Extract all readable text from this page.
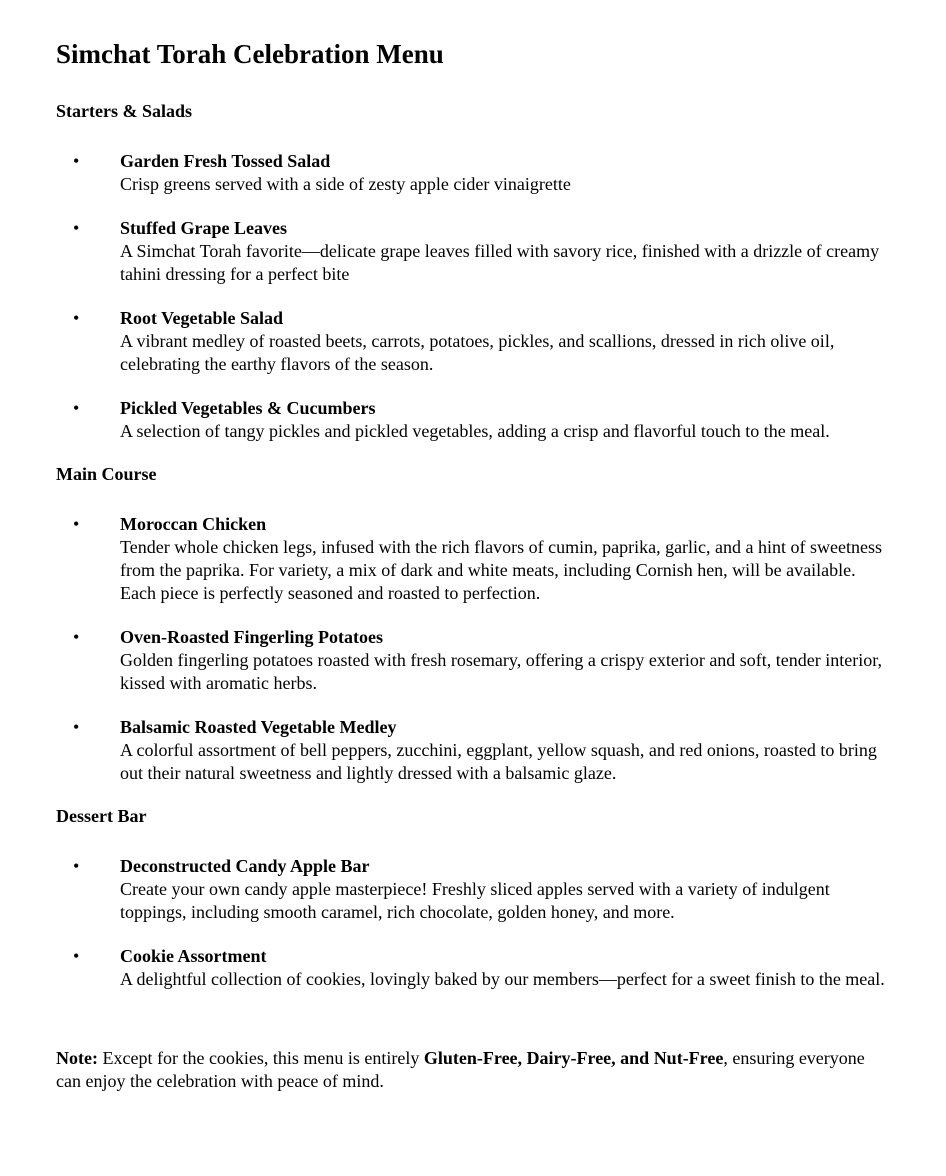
Simchat Torah Celebration Menu
Starters & Salads
• Garden Fresh Tossed Salad
Crisp greens served with a side of zesty apple cider vinaigrette
• Stuffed Grape Leaves
A Simchat Torah favorite—delicate grape leaves filled with savory rice, finished with a drizzle of creamy tahini dressing for a perfect bite
• Root Vegetable Salad
A vibrant medley of roasted beets, carrots, potatoes, pickles, and scallions, dressed in rich olive oil, celebrating the earthy flavors of the season.
• Pickled Vegetables & Cucumbers
A selection of tangy pickles and pickled vegetables, adding a crisp and flavorful touch to the meal.
Main Course
• Moroccan Chicken
Tender whole chicken legs, infused with the rich flavors of cumin, paprika, garlic, and a hint of sweetness from the paprika. For variety, a mix of dark and white meats, including Cornish hen, will be available. Each piece is perfectly seasoned and roasted to perfection.
• Oven-Roasted Fingerling Potatoes
Golden fingerling potatoes roasted with fresh rosemary, offering a crispy exterior and soft, tender interior, kissed with aromatic herbs.
• Balsamic Roasted Vegetable Medley
A colorful assortment of bell peppers, zucchini, eggplant, yellow squash, and red onions, roasted to bring out their natural sweetness and lightly dressed with a balsamic glaze.
Dessert Bar
• Deconstructed Candy Apple Bar
Create your own candy apple masterpiece! Freshly sliced apples served with a variety of indulgent toppings, including smooth caramel, rich chocolate, golden honey, and more.
• Cookie Assortment
A delightful collection of cookies, lovingly baked by our members—perfect for a sweet finish to the meal.

Note: Except for the cookies, this menu is entirely Gluten-Free, Dairy-Free, and Nut-Free, ensuring everyone can enjoy the celebration with peace of mind.
